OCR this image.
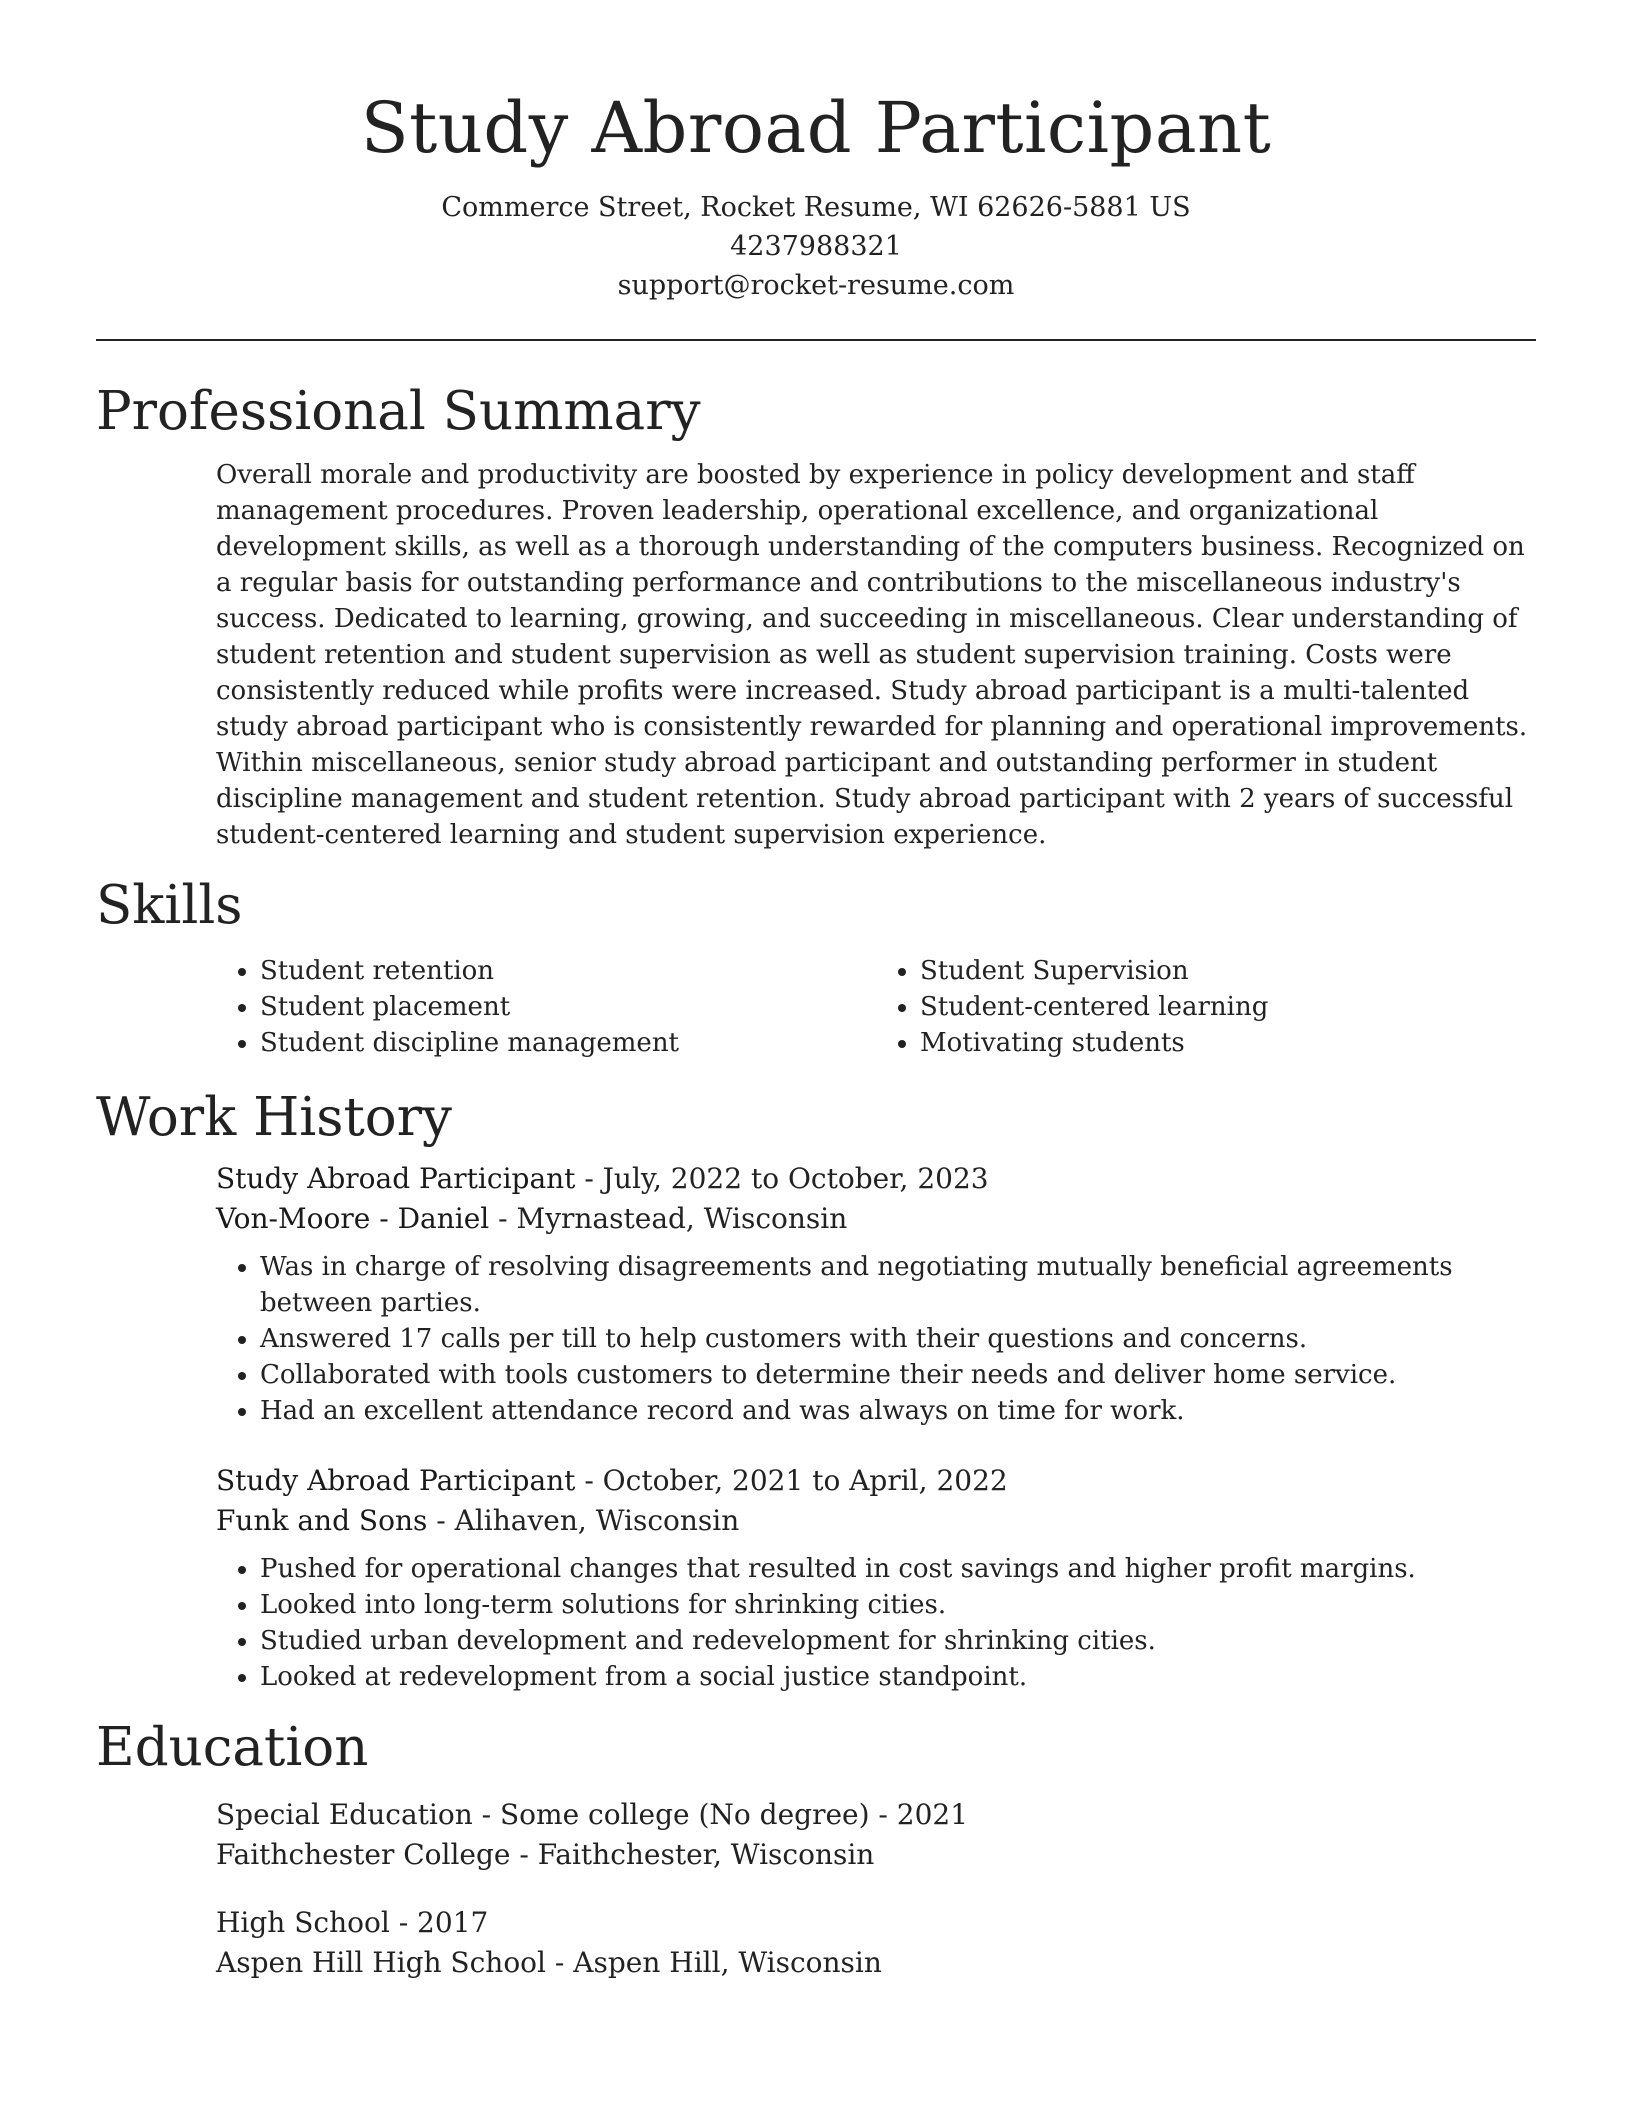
Study Abroad Participant
Commerce Street, Rocket Resume, WI 62626-5881 US
4237988321
support@rocket-resume.com
Professional Summary
Overall morale and productivity are boosted by experience in policy development and staff management procedures. Proven leadership, operational excellence, and organizational development skills, as well as a thorough understanding of the computers business. Recognized on a regular basis for outstanding performance and contributions to the miscellaneous industry's success. Dedicated to learning, growing, and succeeding in miscellaneous. Clear understanding of student retention and student supervision as well as student supervision training. Costs were consistently reduced while profits were increased. Study abroad participant is a multi-talented study abroad participant who is consistently rewarded for planning and operational improvements. Within miscellaneous, senior study abroad participant and outstanding performer in student discipline management and student retention. Study abroad participant with 2 years of successful student-centered learning and student supervision experience.
Skills
• Student retention
• Student placement
• Student discipline management
• Student Supervision
• Student-centered learning
• Motivating students
Work History
Study Abroad Participant - July, 2022 to October, 2023
Von-Moore - Daniel - Myrnastead, Wisconsin
• Was in charge of resolving disagreements and negotiating mutually beneficial agreements between parties.
• Answered 17 calls per till to help customers with their questions and concerns.
• Collaborated with tools customers to determine their needs and deliver home service.
• Had an excellent attendance record and was always on time for work.
Study Abroad Participant - October, 2021 to April, 2022
Funk and Sons - Alihaven, Wisconsin
• Pushed for operational changes that resulted in cost savings and higher profit margins.
• Looked into long-term solutions for shrinking cities.
• Studied urban development and redevelopment for shrinking cities.
• Looked at redevelopment from a social justice standpoint.
Education
Special Education - Some college (No degree) - 2021
Faithchester College - Faithchester, Wisconsin
High School - 2017
Aspen Hill High School - Aspen Hill, Wisconsin
